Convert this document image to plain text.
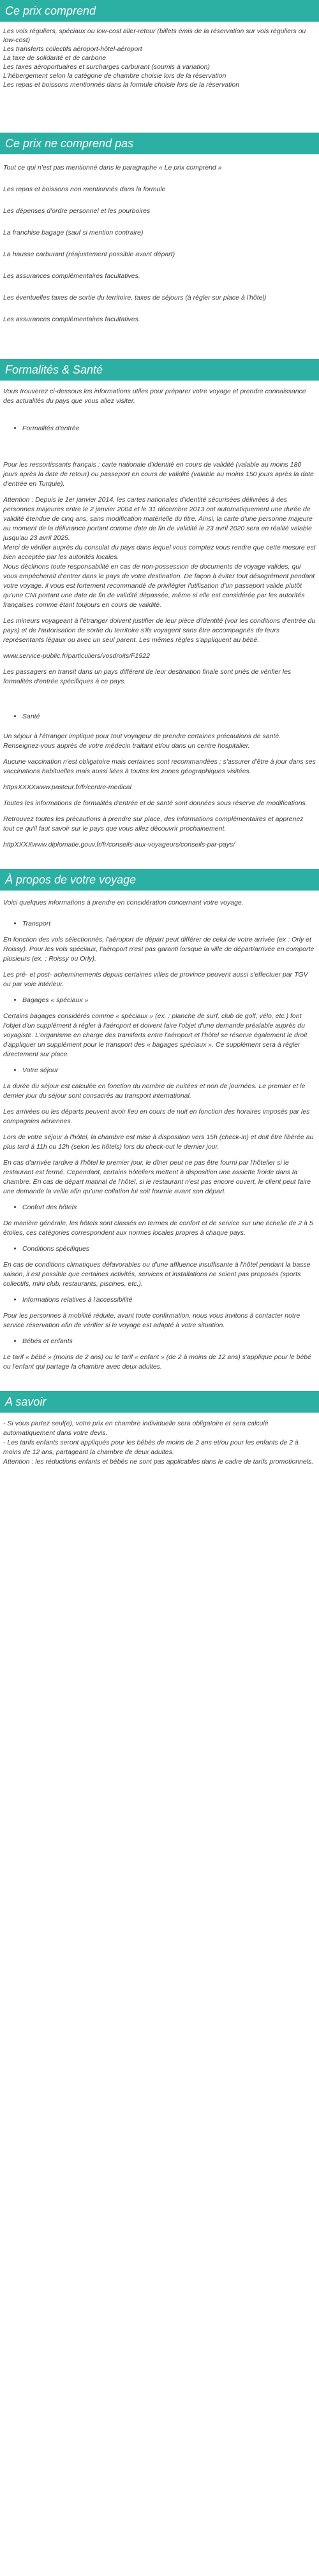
Ce prix comprend
Les vols réguliers, spéciaux ou low-cost aller-retour (billets émis de la réservation sur vols réguliers ou low-cost)
Les transferts collectifs aéroport-hôtel-aéroport
La taxe de solidarité et de carbone
Les taxes aéroportuaires et surcharges carburant (soumis à variation)
L'hébergement selon la catégorie de chambre choisie lors de la réservation
Les repas et boissons mentionnés dans la formule choisie lors de la réservation
Ce prix ne comprend pas

Tout ce qui n'est pas mentionné dans le paragraphe « Le prix comprend »

Les repas et boissons non mentionnés dans la formule

Les dépenses d'ordre personnel et les pourboires

La franchise bagage (sauf si mention contraire)

La hausse carburant (réajustement possible avant départ)

Les assurances complémentaires facultatives.

Les éventuelles taxes de sortie du territoire, taxes de séjours (à régler sur place à l'hôtel)

Les assurances complémentaires facultatives.

Formalités & Santé

Vous trouverez ci-dessous les informations utiles pour préparer votre voyage et prendre connaissance des actualités du pays que vous allez visiter.

• Formalités d'entrée

Pour les ressortissants français : carte nationale d'identité en cours de validité (valable au moins 180 jours après la date de retour) ou passeport en cours de validité (valable au moins 150 jours après la date d'entrée en Turquie).

Attention : Depuis le 1er janvier 2014, les cartes nationales d'identité sécurisées délivrées à des personnes majeures entre le 2 janvier 2004 et le 31 décembre 2013 ont automatiquement une durée de validité étendue de cinq ans, sans modification matérielle du titre. Ainsi, la carte d'une personne majeure au moment de la délivrance portant comme date de fin de validité le 23 avril 2020 sera en réalité valable jusqu'au 23 avril 2025.

Merci de vérifier auprès du consulat du pays dans lequel vous comptez vous rendre que cette mesure est bien acceptée par les autorités locales.

Nous déclinons toute responsabilité en cas de non-possession de documents de voyage valides, qui vous empêcherait d'entrer dans le pays de votre destination. De façon à éviter tout désagrément pendant votre voyage, il vous est fortement recommandé de privilégier l'utilisation d'un passeport valide plutôt qu'une CNI portant une date de fin de validité dépassée, même si elle est considérée par les autorités françaises comme étant toujours en cours de validité.

Les mineurs voyageant à l'étranger doivent justifier de leur pièce d'identité (voir les conditions d'entrée du pays) et de l'autorisation de sortie du territoire s'ils voyagent sans être accompagnés de leurs représentants légaux ou avec un seul parent. Les mêmes règles s'appliquent au bébé.

www.service-public.fr/particuliers/vosdroits/F1922

Les passagers en transit dans un pays différent de leur destination finale sont priés de vérifier les formalités d'entrée spécifiques à ce pays.

• Santé

Un séjour à l'étranger implique pour tout voyageur de prendre certaines précautions de santé. Renseignez-vous auprès de votre médecin traitant et/ou dans un centre hospitalier.

Aucune vaccination n'est obligatoire mais certaines sont recommandées ; s'assurer d'être à jour dans ses vaccinations habituelles mais aussi liées à toutes les zones géographiques visitées.

httpsXXXXwww.pasteur.fr/fr/centre-medical

Toutes les informations de formalités d'entrée et de santé sont données sous réserve de modifications.

Retrouvez toutes les précautions à prendre sur place, des informations complémentaires et apprenez tout ce qu'il faut savoir sur le pays que vous allez découvrir prochainement.

httpXXXXwww.diplomatie.gouv.fr/fr/conseils-aux-voyageurs/conseils-par-pays/

À propos de votre voyage

Voici quelques informations à prendre en considération concernant votre voyage.

• Transport

En fonction des vols sélectionnés, l'aéroport de départ peut différer de celui de votre arrivée (ex : Orly et Roissy). Pour les vols spéciaux, l'aéroport n'est pas garanti lorsque la ville de départ/arrivée en comporte plusieurs (ex. : Roissy ou Orly).

Les pré- et post- acheminements depuis certaines villes de province peuvent aussi s'effectuer par TGV ou par voie intérieur.

• Bagages « spéciaux »

Certains bagages considérés comme « spéciaux » (ex. : planche de surf, club de golf, vélo, etc.) font l'objet d'un supplément à régler à l'aéroport et doivent faire l'objet d'une demande préalable auprès du voyagiste. L'organisme en charge des transferts entre l'aéroport et l'hôtel se réserve également le droit d'appliquer un supplément pour le transport des « bagages spéciaux ». Ce supplément sera à régler directement sur place.

• Votre séjour

La durée du séjour est calculée en fonction du nombre de nuitées et non de journées. Le premier et le dernier jour du séjour sont consacrés au transport international.

Les arrivées ou les départs peuvent avoir lieu en cours de nuit en fonction des horaires imposés par les compagnies aériennes.

Lors de votre séjour à l'hôtel, la chambre est mise à disposition vers 15h (check-in) et doit être libérée au plus tard à 11h ou 12h (selon les hôtels) lors du check-out le dernier jour.

En cas d'arrivée tardive à l'hôtel le premier jour, le dîner peut ne pas être fourni par l'hôtelier si le restaurant est fermé. Cependant, certains hôteliers mettent à disposition une assiette froide dans la chambre. En cas de départ matinal de l'hôtel, si le restaurant n'est pas encore ouvert, le client peut faire une demande la veille afin qu'une collation lui soit fournie avant son départ.

• Confort des hôtels

De manière générale, les hôtels sont classés en termes de confort et de service sur une échelle de 2 à 5 étoiles, ces catégories correspondent aux normes locales propres à chaque pays.

• Conditions spécifiques

En cas de conditions climatiques défavorables ou d'une affluence insuffisante à l'hôtel pendant la basse saison, il est possible que certaines activités, services et installations ne soient pas proposés (sports collectifs, mini club, restaurants, piscines, etc.).

• Informations relatives à l'accessibilité

Pour les personnes à mobilité réduite, avant toute confirmation, nous vous invitons à contacter notre service réservation afin de vérifier si le voyage est adapté à votre situation.

• Bébés et enfants

Le tarif « bébé » (moins de 2 ans) ou le tarif « enfant » (de 2 à moins de 12 ans) s'applique pour le bébé ou l'enfant qui partage la chambre avec deux adultes.

A savoir

- Si vous partez seul(e), votre prix en chambre individuelle sera obligatoire et sera calculé automatiquement dans votre devis.

- Les tarifs enfants seront appliqués pour les bébés de moins de 2 ans et/ou pour les enfants de 2 à moins de 12 ans, partageant la chambre de deux adultes.

Attention : les réductions enfants et bébés ne sont pas applicables dans le cadre de tarifs promotionnels.
